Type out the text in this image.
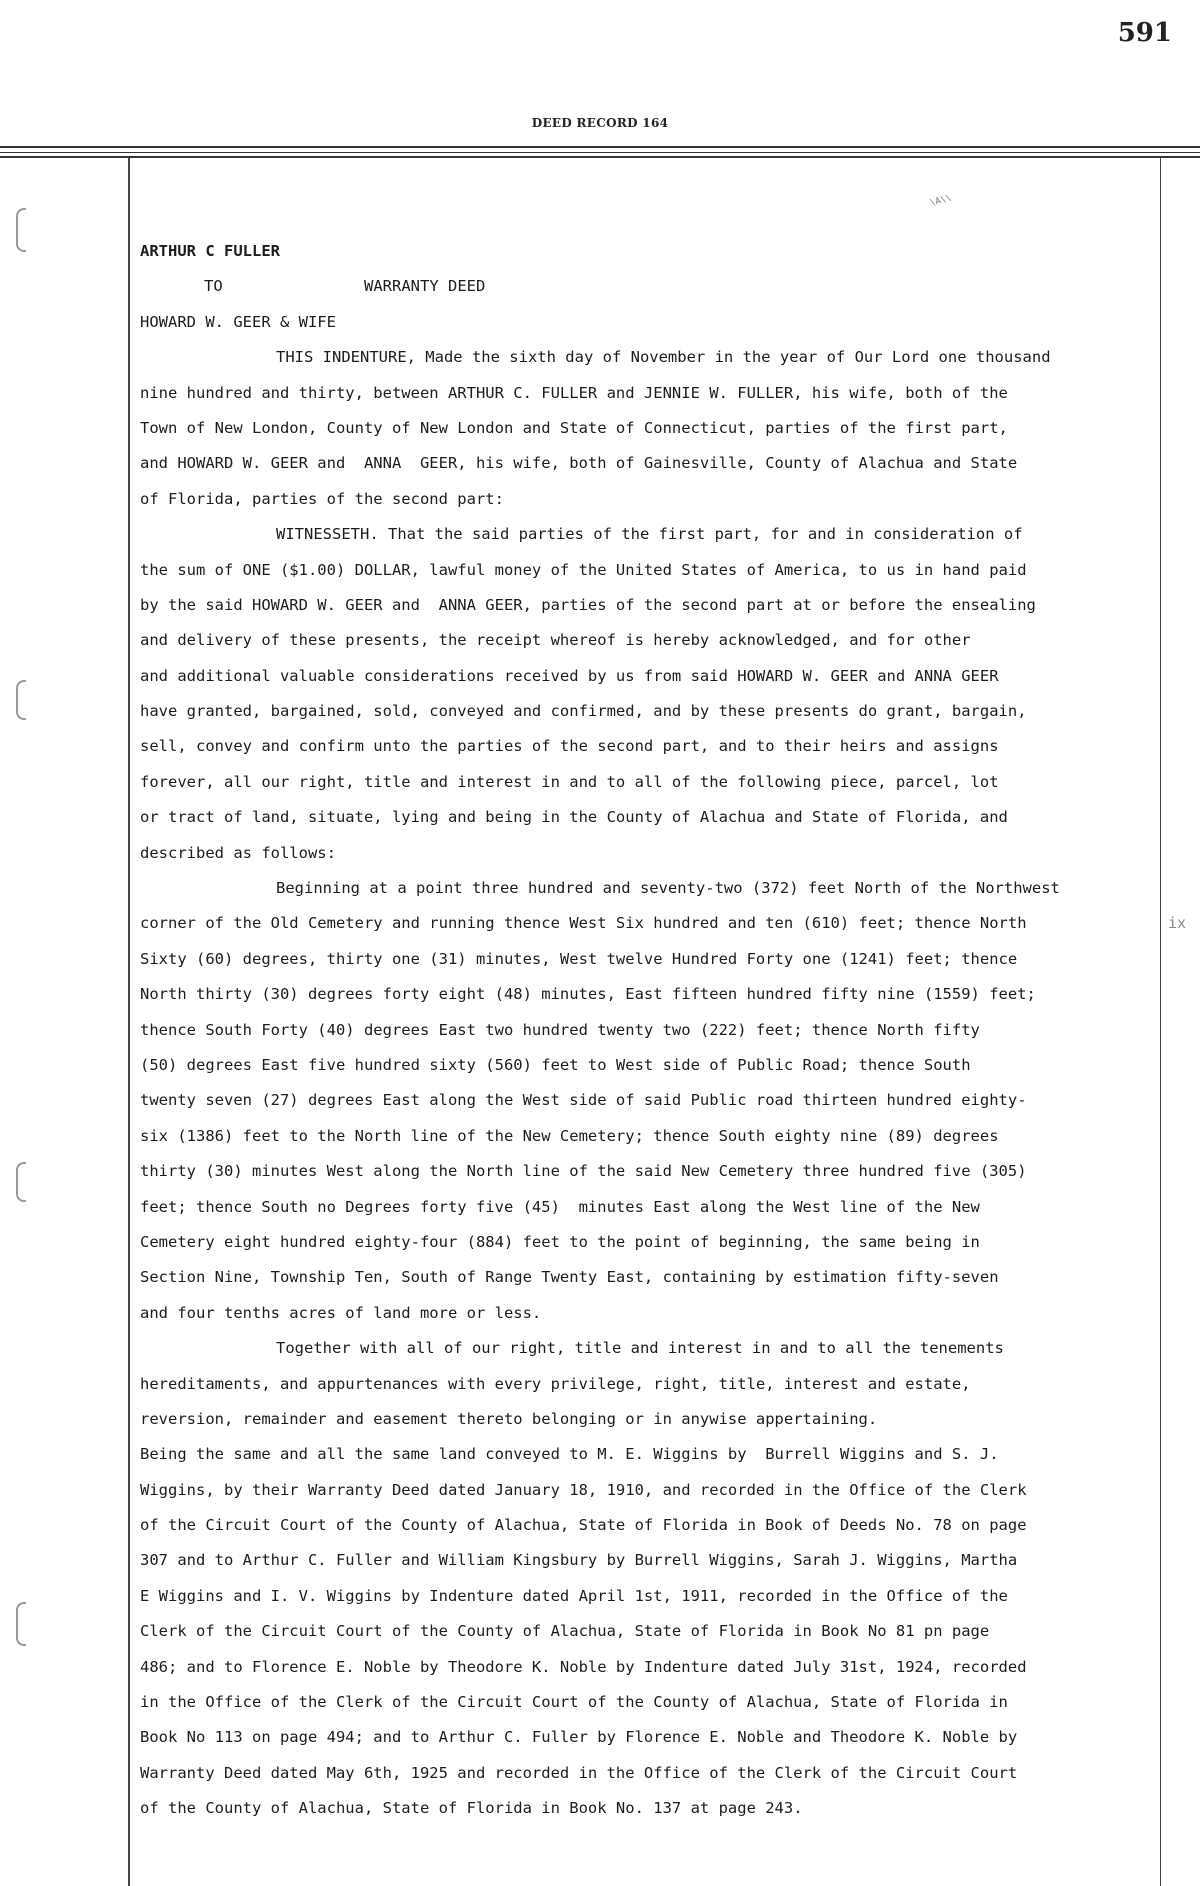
591
DEED RECORD 164
\A\\
ix
ARTHUR C FULLER
TO	WARRANTY DEED
HOWARD W. GEER & WIFE
THIS INDENTURE, Made the sixth day of November in the year of Our Lord one thousand
nine hundred and thirty, between ARTHUR C. FULLER and JENNIE W. FULLER, his wife, both of the
Town of New London, County of New London and State of Connecticut, parties of the first part,
and HOWARD W. GEER and  ANNA  GEER, his wife, both of Gainesville, County of Alachua and State
of Florida, parties of the second part:
WITNESSETH. That the said parties of the first part, for and in consideration of
the sum of ONE ($1.00) DOLLAR, lawful money of the United States of America, to us in hand paid
by the said HOWARD W. GEER and  ANNA GEER, parties of the second part at or before the ensealing
and delivery of these presents, the receipt whereof is hereby acknowledged, and for other
and additional valuable considerations received by us from said HOWARD W. GEER and ANNA GEER
have granted, bargained, sold, conveyed and confirmed, and by these presents do grant, bargain,
sell, convey and confirm unto the parties of the second part, and to their heirs and assigns
forever, all our right, title and interest in and to all of the following piece, parcel, lot
or tract of land, situate, lying and being in the County of Alachua and State of Florida, and
described as follows:
Beginning at a point three hundred and seventy-two (372) feet North of the Northwest
corner of the Old Cemetery and running thence West Six hundred and ten (610) feet; thence North
Sixty (60) degrees, thirty one (31) minutes, West twelve Hundred Forty one (1241) feet; thence
North thirty (30) degrees forty eight (48) minutes, East fifteen hundred fifty nine (1559) feet;
thence South Forty (40) degrees East two hundred twenty two (222) feet; thence North fifty
(50) degrees East five hundred sixty (560) feet to West side of Public Road; thence South
twenty seven (27) degrees East along the West side of said Public road thirteen hundred eighty-
six (1386) feet to the North line of the New Cemetery; thence South eighty nine (89) degrees
thirty (30) minutes West along the North line of the said New Cemetery three hundred five (305)
feet; thence South no Degrees forty five (45)  minutes East along the West line of the New
Cemetery eight hundred eighty-four (884) feet to the point of beginning, the same being in
Section Nine, Township Ten, South of Range Twenty East, containing by estimation fifty-seven
and four tenths acres of land more or less.
Together with all of our right, title and interest in and to all the tenements
hereditaments, and appurtenances with every privilege, right, title, interest and estate,
reversion, remainder and easement thereto belonging or in anywise appertaining.
Being the same and all the same land conveyed to M. E. Wiggins by  Burrell Wiggins and S. J.
Wiggins, by their Warranty Deed dated January 18, 1910, and recorded in the Office of the Clerk
of the Circuit Court of the County of Alachua, State of Florida in Book of Deeds No. 78 on page
307 and to Arthur C. Fuller and William Kingsbury by Burrell Wiggins, Sarah J. Wiggins, Martha
E Wiggins and I. V. Wiggins by Indenture dated April 1st, 1911, recorded in the Office of the
Clerk of the Circuit Court of the County of Alachua, State of Florida in Book No 81 pn page
486; and to Florence E. Noble by Theodore K. Noble by Indenture dated July 31st, 1924, recorded
in the Office of the Clerk of the Circuit Court of the County of Alachua, State of Florida in
Book No 113 on page 494; and to Arthur C. Fuller by Florence E. Noble and Theodore K. Noble by
Warranty Deed dated May 6th, 1925 and recorded in the Office of the Clerk of the Circuit Court
of the County of Alachua, State of Florida in Book No. 137 at page 243.
